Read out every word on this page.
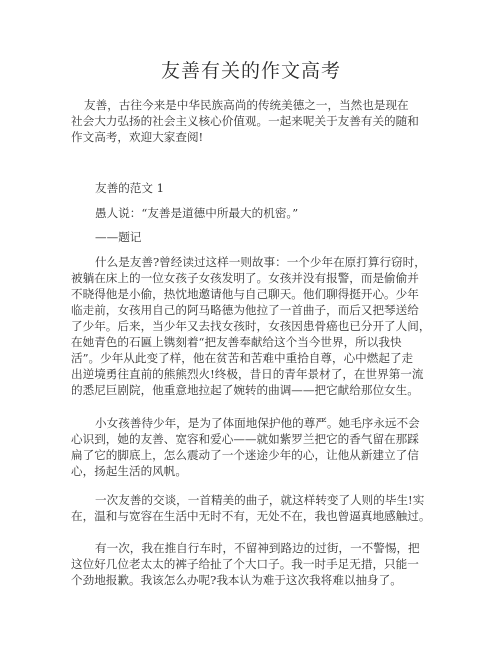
友善有关的作文高考
友善，古往今来是中华民族高尚的传统美德之一，当然也是现在
社会大力弘扬的社会主义核心价值观。一起来呢关于友善有关的随和
作文高考，欢迎大家查阅!
友善的范文 1
愚人说：“友善是道德中所最大的机密。”
——题记
什么是友善?曾经读过这样一则故事：一个少年在原打算行窃时，
被躺在床上的一位女孩子女孩发明了。女孩并没有报警，而是偷偷并
不晓得他是小偷，热忱地邀请他与自己聊天。他们聊得挺开心。少年
临走前，女孩用自己的阿马略德为他拉了一首曲子，而后又把琴送给
了少年。后来，当少年又去找女孩时，女孩因患骨癌也已分开了人间，
在她青色的石匾上镌刻着“把友善奉献给这个当今世界，所以我快
活”。少年从此变了样，他在贫苦和苦难中重拾自尊，心中燃起了走
出逆境勇往直前的熊熊烈火!终极，昔日的青年景材了，在世界第一流
的悉尼巨剧院，他重意地拉起了婉转的曲调——把它献给那位女生。
小女孩善待少年，是为了体面地保护他的尊严。她毛序永远不会
心识到，她的友善、宽容和爱心——就如紫罗兰把它的香气留在那踩
扁了它的脚底上，怎么震动了一个迷途少年的心，让他从新建立了信
心，扬起生活的风帆。
一次友善的交谈，一首精美的曲子，就这样转变了人则的毕生!实
在，温和与宽容在生活中无时不有，无处不在，我也曾逼真地感触过。
有一次，我在推自行车时，不留神到路边的过街，一不警惕，把
这位好几位老太太的裤子给扯了个大口子。我一时手足无措，只能一
个劲地报歉。我该怎么办呢?我本认为难于这次我将难以抽身了。
